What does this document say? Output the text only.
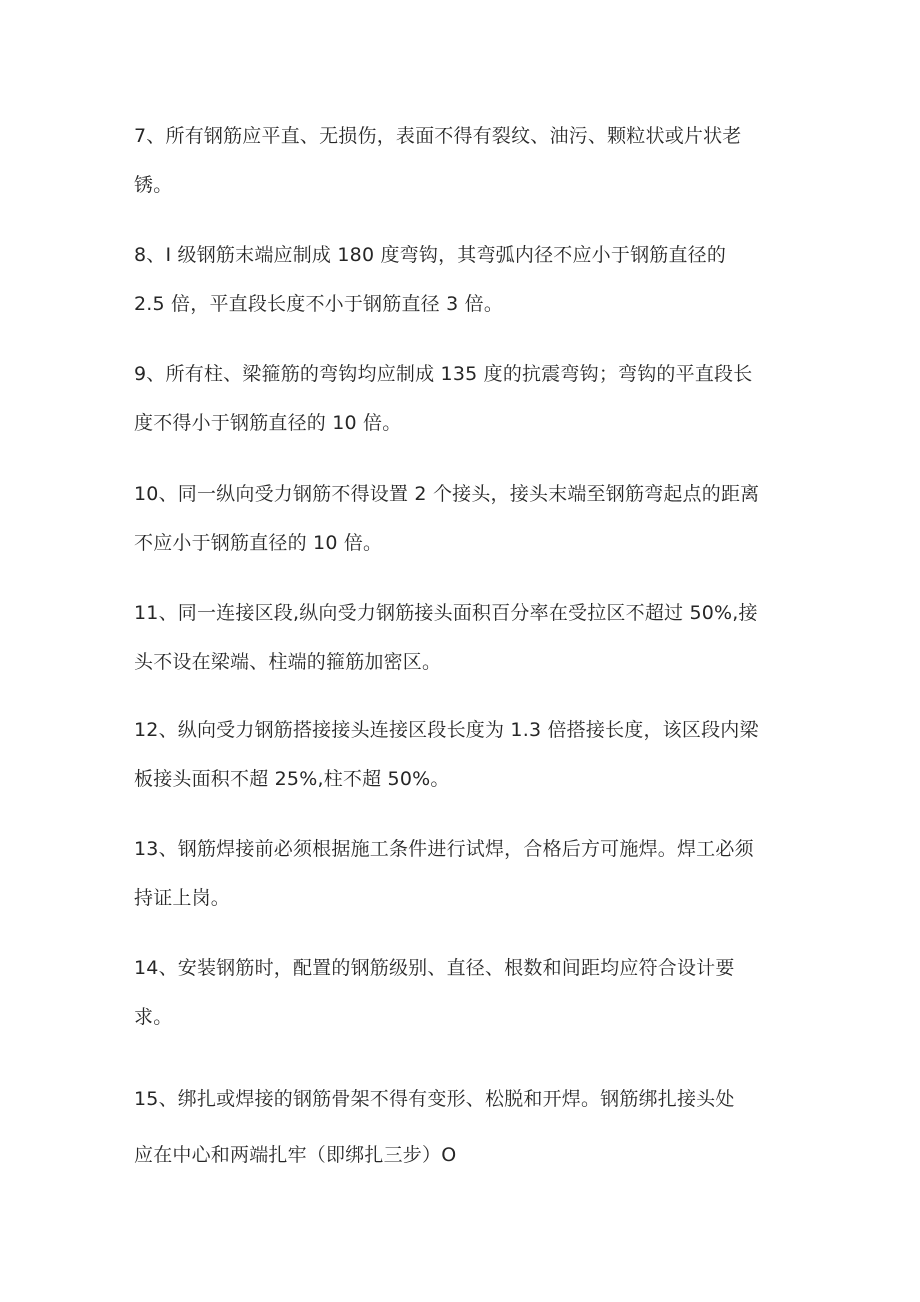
7、所有钢筋应平直、无损伤，表面不得有裂纹、油污、颗粒状或片状老
锈。

8、I 级钢筋末端应制成 180 度弯钩，其弯弧内径不应小于钢筋直径的
2.5 倍，平直段长度不小于钢筋直径 3 倍。

9、所有柱、梁箍筋的弯钩均应制成 135 度的抗震弯钩；弯钩的平直段长
度不得小于钢筋直径的 10 倍。

10、同一纵向受力钢筋不得设置 2 个接头，接头末端至钢筋弯起点的距离
不应小于钢筋直径的 10 倍。

11、同一连接区段,纵向受力钢筋接头面积百分率在受拉区不超过 50%,接
头不设在梁端、柱端的箍筋加密区。

12、纵向受力钢筋搭接接头连接区段长度为 1.3 倍搭接长度，该区段内梁
板接头面积不超 25%,柱不超 50%。

13、钢筋焊接前必须根据施工条件进行试焊，合格后方可施焊。焊工必须
持证上岗。

14、安装钢筋时，配置的钢筋级别、直径、根数和间距均应符合设计要
求。

15、绑扎或焊接的钢筋骨架不得有变形、松脱和开焊。钢筋绑扎接头处
应在中心和两端扎牢（即绑扎三步）O
